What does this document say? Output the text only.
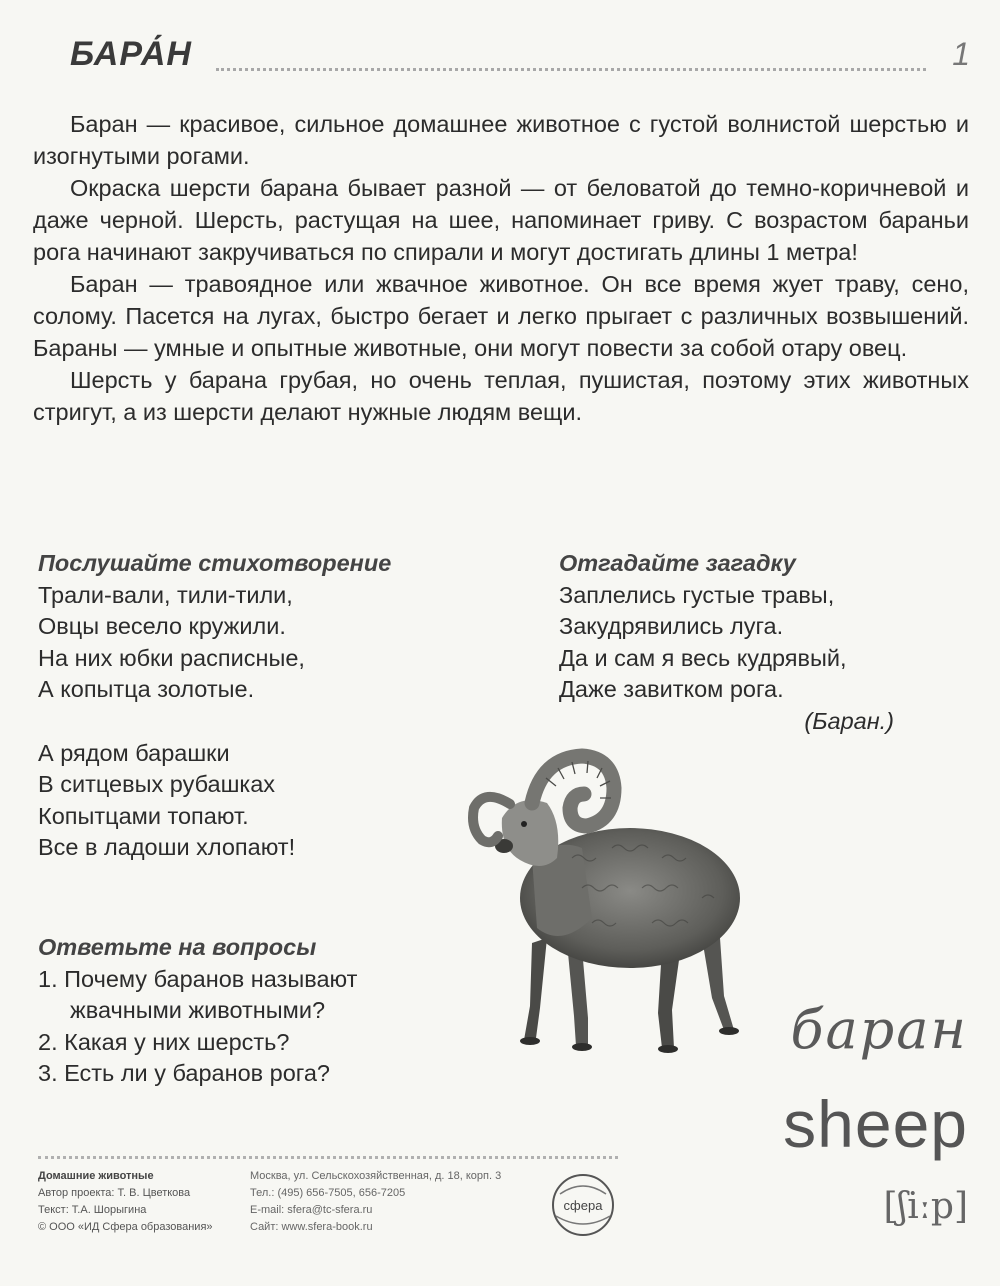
БАРА́Н	1

Баран — красивое, сильное домашнее животное с густой волнистой шерстью и изогнутыми рогами.

Окраска шерсти барана бывает разной — от беловатой до темно-коричневой и даже черной. Шерсть, растущая на шее, напоминает гриву. С возрастом бараньи рога начинают закручиваться по спирали и могут достигать длины 1 метра!

Баран — травоядное или жвачное животное. Он все время жует траву, сено, солому. Пасется на лугах, быстро бегает и легко прыгает с различных возвышений. Бараны — умные и опытные животные, они могут повести за собой отару овец.

Шерсть у барана грубая, но очень теплая, пушистая, поэтому этих животных стригут, а из шерсти делают нужные людям вещи.

Послушайте стихотворение
Трали-вали, тили-тили,
Овцы весело кружили.
На них юбки расписные,
А копытца золотые.
А рядом барашки
В ситцевых рубашках
Копытцами топают.
Все в ладоши хлопают!
Отгадайте загадку
Заплелись густые травы,
Закудрявились луга.
Да и сам я весь кудрявый,
Даже завитком рога.
(Баран.)
Ответьте на вопросы
1. Почему баранов называют
жвачными животными?
2. Какая у них шерсть?
3. Есть ли у баранов рога?
баран
sheep
[ʃiːp]
Домашние животные
Автор проекта: Т. В. Цветкова
Текст: Т.А. Шорыгина
© ООО «ИД Сфера образования»
Москва, ул. Сельскохозяйственная, д. 18, корп. 3
Тел.: (495) 656-7505, 656-7205
E-mail: sfera@tc-sfera.ru
Сайт: www.sfera-book.ru
сфера
